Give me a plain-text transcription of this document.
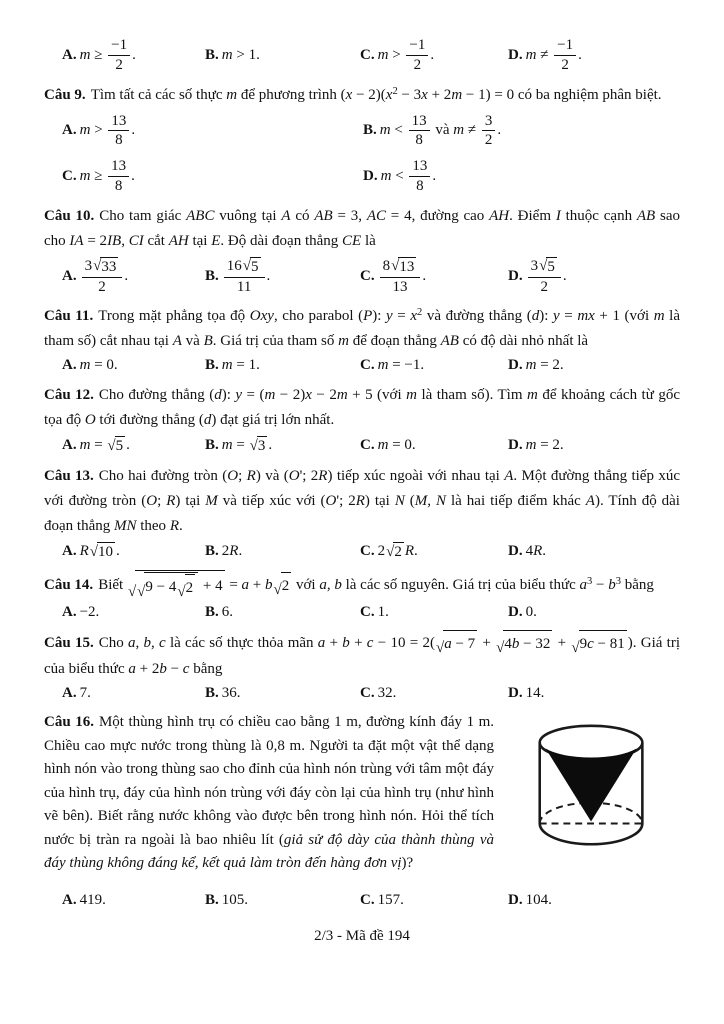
A. $m \ge \frac{-1}{2}$ .	B. m > 1.	C. $m > \frac{-1}{2}$ .	D. $m \ne \frac{-1}{2}$ .

Câu 9. Tìm tất cả các số thực m để phương trình $(x - 2)(x^2 - 3x + 2m - 1) = 0$ có ba nghiệm phân biệt.

A. $m > \frac{13}{8}$ .	B. $m < \frac{13}{8}$ và $m \ne \frac{3}{2}$ .
C. $m \ge \frac{13}{8}$ .	D. $m < \frac{13}{8}$ .

Câu 10. Cho tam giác ABC vuông tại A có AB = 3, AC = 4, đường cao AH. Điểm I thuộc cạnh AB sao cho IA = 2IB, CI cắt AH tại E. Độ dài đoạn thẳng CE là

A. $\frac{3 √ 33}{2}$ .	B. $\frac{16 √ 5}{11}$ .	C. $\frac{8 √ 13}{13}$ .	D. $\frac{3 √ 5}{2}$ .

Câu 11. Trong mặt phẳng tọa độ Oxy, cho parabol (P): $y = x^2$ và đường thẳng (d): y = mx + 1 (với m là tham số) cắt nhau tại A và B. Giá trị của tham số m để đoạn thẳng AB có độ dài nhỏ nhất là

A. m = 0.	B. m = 1.	C. m = −1.	D. m = 2.

Câu 12. Cho đường thẳng (d): y = (m − 2)x − 2m + 5 (với m là tham số). Tìm m để khoảng cách từ gốc tọa độ O tới đường thẳng (d) đạt giá trị lớn nhất.

A. m = √ 5 .	B. m = √ 3 .	C. m = 0.	D. m = 2.

Câu 13. Cho hai đường tròn (O; R) và (O'; 2R) tiếp xúc ngoài với nhau tại A. Một đường thẳng tiếp xúc với đường tròn (O; R) tại M và tiếp xúc với (O'; 2R) tại N (M, N là hai tiếp điểm khác A). Tính độ dài đoạn thẳng MN theo R.

A. R √ 10 .	B. 2R.	C. 2 √ 2 R.	D. 4R.

Câu 14. Biết √ √ 9 − 4 √ 2 + 4 = a + b √ 2 với a, b là các số nguyên. Giá trị của biểu thức $a^3 - b^3$ bằng

A. −2.	B. 6.	C. 1.	D. 0.

Câu 15. Cho a, b, c là các số thực thỏa mãn a + b + c − 10 = 2( √ a − 7 + √ 4b − 32 + √ 9c − 81 ). Giá trị của biểu thức a + 2b − c bằng

A. 7.	B. 36.	C. 32.	D. 14.

Câu 16. Một thùng hình trụ có chiều cao bằng 1 m, đường kính đáy 1 m. Chiều cao mực nước trong thùng là 0,8 m. Người ta đặt một vật thể dạng hình nón vào trong thùng sao cho đỉnh của hình nón trùng với tâm một đáy của hình trụ, đáy của hình nón trùng với đáy còn lại của hình trụ (như hình vẽ bên). Biết rằng nước không vào được bên trong hình nón. Hỏi thể tích nước bị tràn ra ngoài là bao nhiêu lít (giả sử độ dày của thành thùng và đáy thùng không đáng kể, kết quả làm tròn đến hàng đơn vị)?

A. 419.	B. 105.	C. 157.	D. 104.
2/3 - Mã đề 194
